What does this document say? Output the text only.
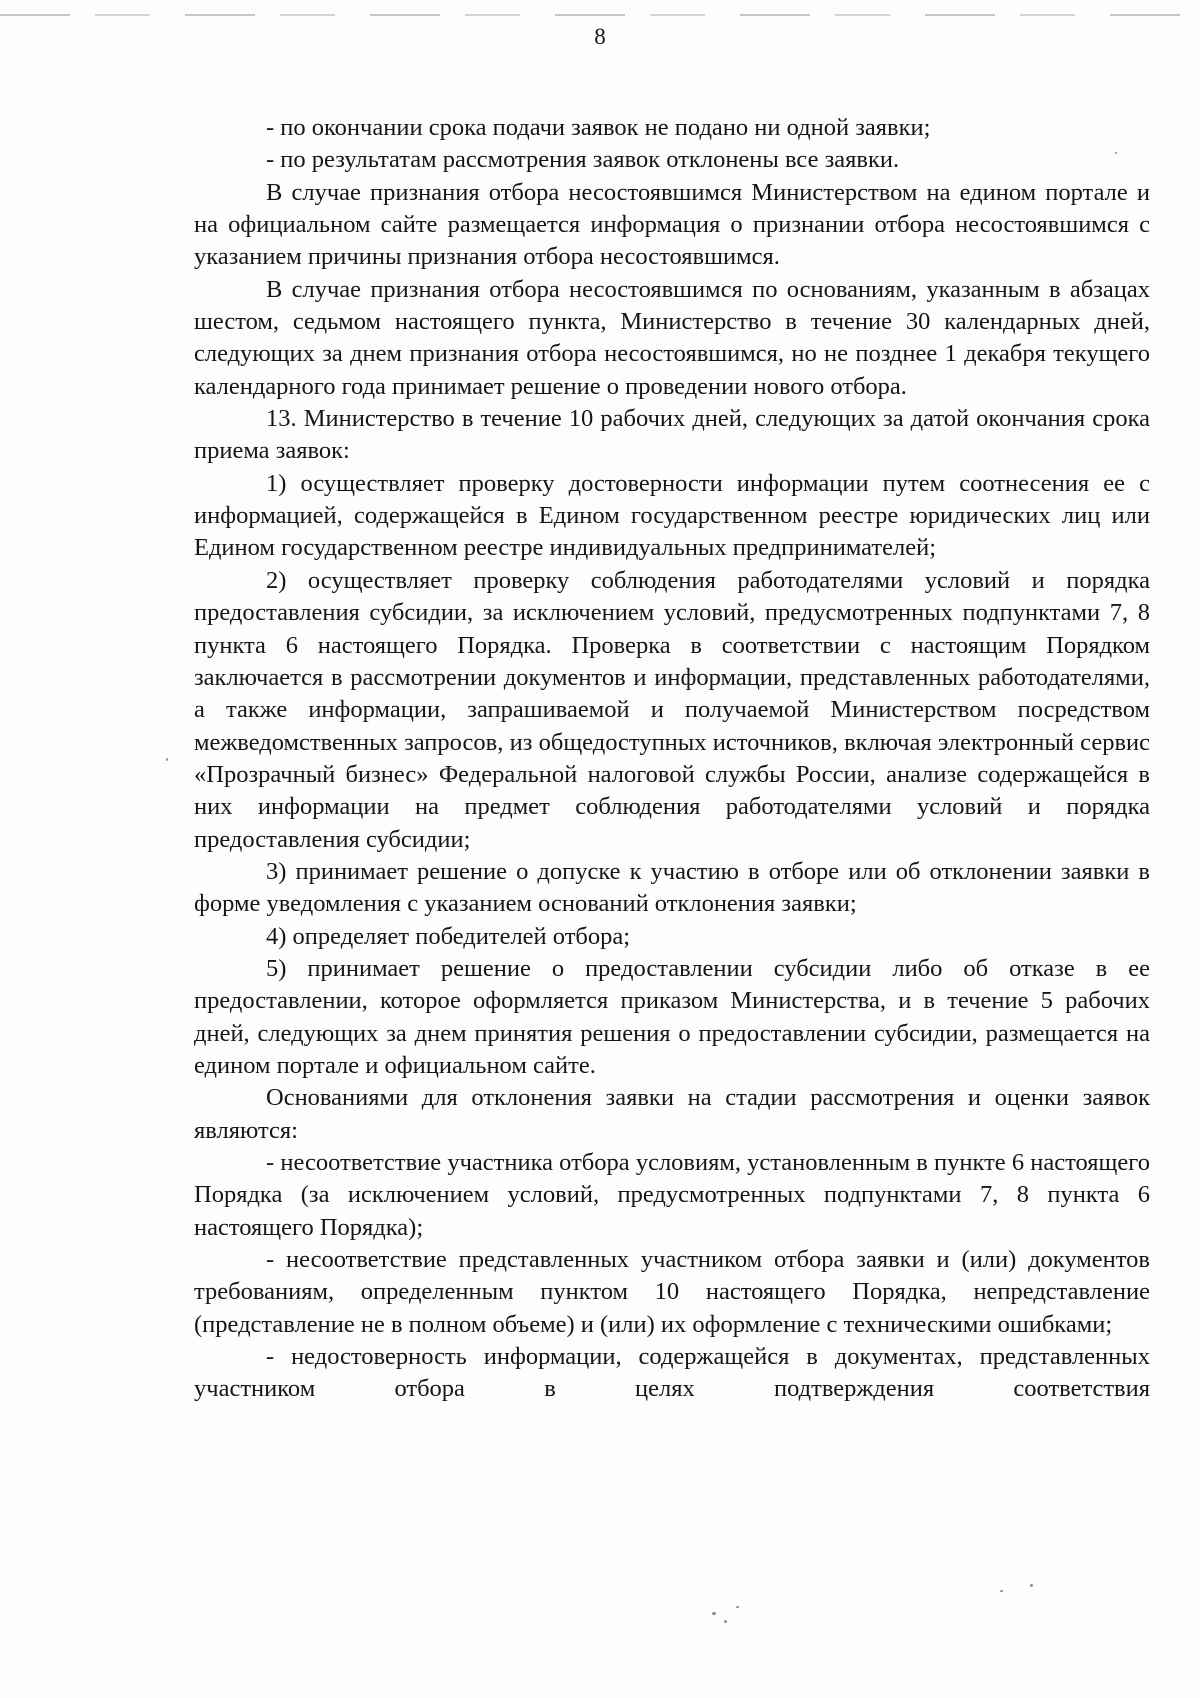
8

- по окончании срока подачи заявок не подано ни одной заявки;

- по результатам рассмотрения заявок отклонены все заявки.

В случае признания отбора несостоявшимся Министерством на едином портале и на официальном сайте размещается информация о признании отбора несостоявшимся с указанием причины признания отбора несостоявшимся.

В случае признания отбора несостоявшимся по основаниям, указанным в абзацах шестом, седьмом настоящего пункта, Министерство в течение 30 календарных дней, следующих за днем признания отбора несостоявшимся, но не позднее 1 декабря текущего календарного года принимает решение о проведении нового отбора.

13. Министерство в течение 10 рабочих дней, следующих за датой окончания срока приема заявок:

1) осуществляет проверку достоверности информации путем соотнесения ее с информацией, содержащейся в Едином государственном реестре юридических лиц или Едином государственном реестре индивидуальных предпринимателей;

2) осуществляет проверку соблюдения работодателями условий и порядка предоставления субсидии, за исключением условий, предусмотренных подпунктами 7, 8 пункта 6 настоящего Порядка. Проверка в соответствии с настоящим Порядком заключается в рассмотрении документов и информации, представленных работодателями, а также информации, запрашиваемой и получаемой Министерством посредством межведомственных запросов, из общедоступных источников, включая электронный сервис «Прозрачный бизнес» Федеральной налоговой службы России, анализе содержащейся в них информации на предмет соблюдения работодателями условий и порядка предоставления субсидии;

3) принимает решение о допуске к участию в отборе или об отклонении заявки в форме уведомления с указанием оснований отклонения заявки;

4) определяет победителей отбора;

5) принимает решение о предоставлении субсидии либо об отказе в ее предоставлении, которое оформляется приказом Министерства, и в течение 5 рабочих дней, следующих за днем принятия решения о предоставлении субсидии, размещается на едином портале и официальном сайте.

Основаниями для отклонения заявки на стадии рассмотрения и оценки заявок являются:

- несоответствие участника отбора условиям, установленным в пункте 6 настоящего Порядка (за исключением условий, предусмотренных подпунктами 7, 8 пункта 6 настоящего Порядка);

- несоответствие представленных участником отбора заявки и (или) документов требованиям, определенным пунктом 10 настоящего Порядка, непредставление (представление не в полном объеме) и (или) их оформление с техническими ошибками;

- недостоверность информации, содержащейся в документах, представленных участником отбора в целях подтверждения соответствия
